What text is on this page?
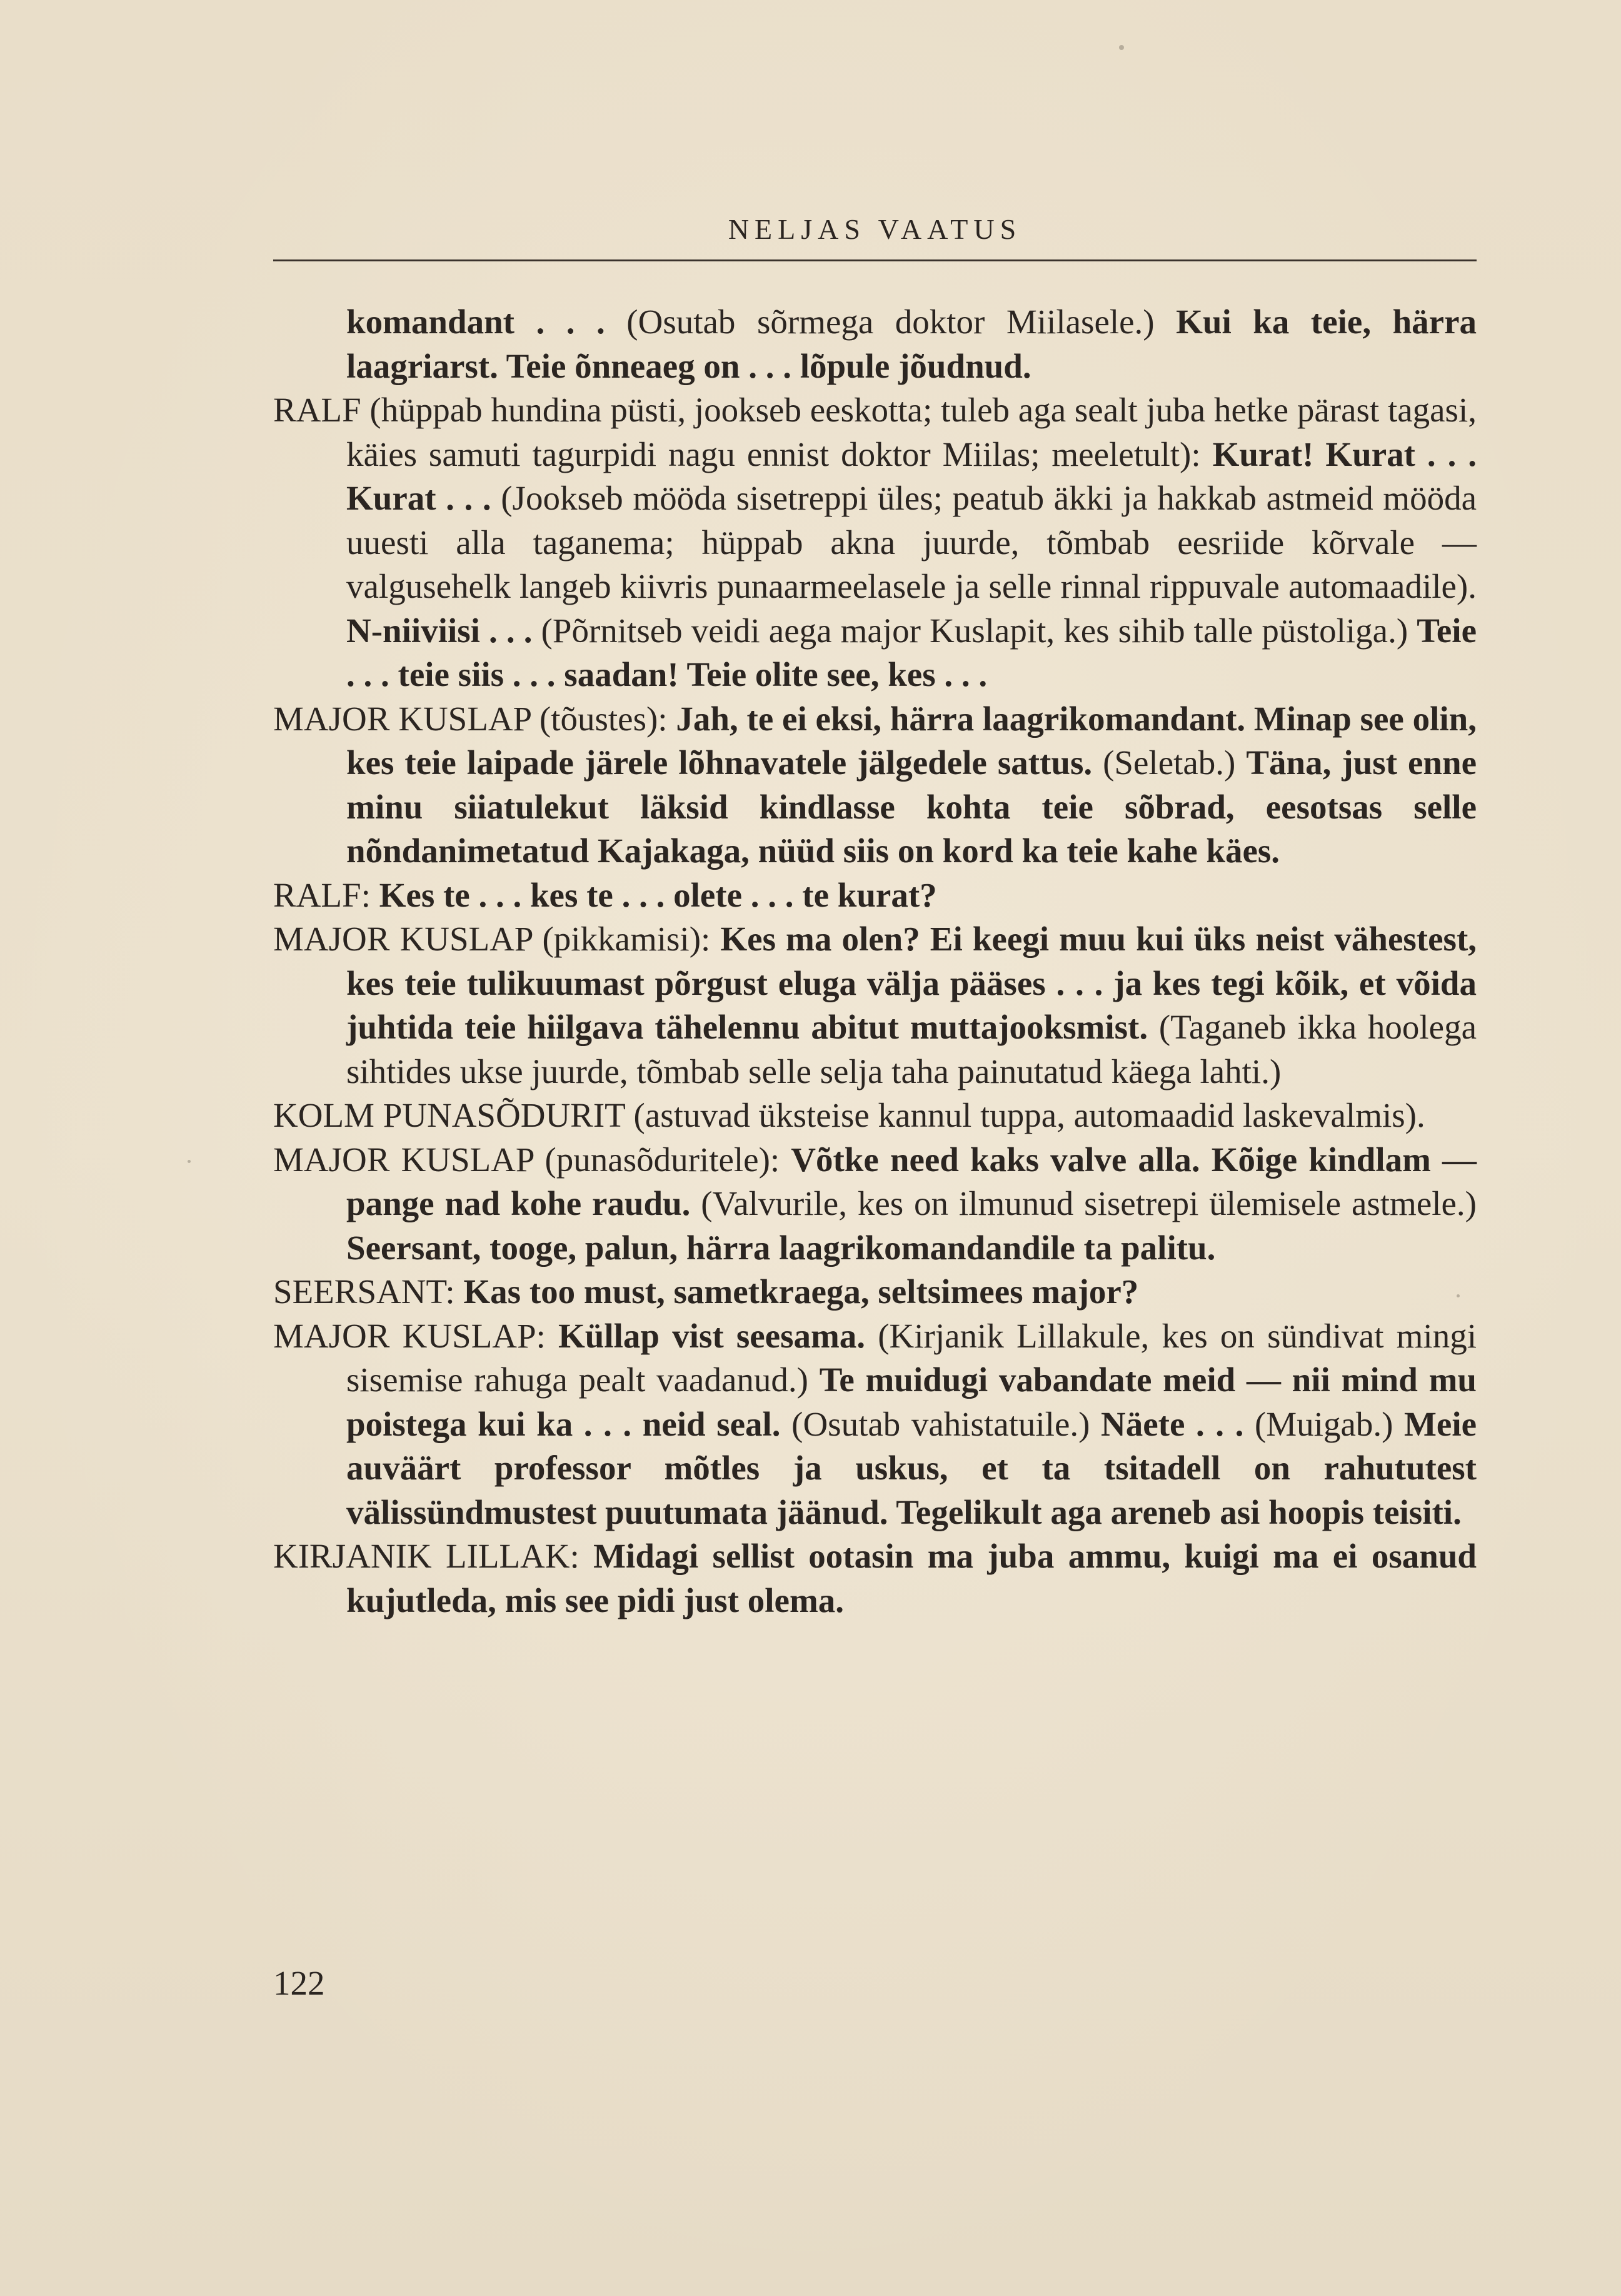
NELJAS VAATUS
komandant . . . (Osutab sõrmega doktor Miilasele.) Kui ka teie, härra laagriarst. Teie õnneaeg on . . . lõpule jõudnud.
RALF (hüppab hundina püsti, jookseb eeskotta; tuleb aga sealt juba hetke pärast tagasi, käies samuti tagurpidi nagu ennist doktor Miilas; meeletult): Kurat! Kurat . . . Kurat . . . (Jookseb mööda sisetreppi üles; peatub äkki ja hakkab astmeid mööda uuesti alla taganema; hüppab akna juurde, tõmbab eesriide kõrvale — valgusehelk langeb kiivris punaarmeelasele ja selle rinnal rippuvale automaadile). N-niiviisi . . . (Põrnitseb veidi aega major Kuslapit, kes sihib talle püstoliga.) Teie . . . teie siis . . . saadan! Teie olite see, kes . . .
MAJOR KUSLAP (tõustes): Jah, te ei eksi, härra laagrikomandant. Minap see olin, kes teie laipade järele lõhnavatele jälgedele sattus. (Seletab.) Täna, just enne minu siiatulekut läksid kindlasse kohta teie sõbrad, eesotsas selle nõndanimetatud Kajakaga, nüüd siis on kord ka teie kahe käes.
RALF: Kes te . . . kes te . . . olete . . . te kurat?
MAJOR KUSLAP (pikkamisi): Kes ma olen? Ei keegi muu kui üks neist vähestest, kes teie tulikuumast põrgust eluga välja pääses . . . ja kes tegi kõik, et võida juhtida teie hiilgava tähelennu abitut muttajooksmist. (Taganeb ikka hoolega sihtides ukse juurde, tõmbab selle selja taha painutatud käega lahti.)
KOLM PUNASÕDURIT (astuvad üksteise kannul tuppa, automaadid laskevalmis).
MAJOR KUSLAP (punasõduritele): Võtke need kaks valve alla. Kõige kindlam — pange nad kohe raudu. (Valvurile, kes on ilmunud sisetrepi ülemisele astmele.) Seersant, tooge, palun, härra laagrikomandandile ta palitu.
SEERSANT: Kas too must, sametkraega, seltsimees major?
MAJOR KUSLAP: Küllap vist seesama. (Kirjanik Lillakule, kes on sündivat mingi sisemise rahuga pealt vaadanud.) Te muidugi vabandate meid — nii mind mu poistega kui ka . . . neid seal. (Osutab vahistatuile.) Näete . . . (Muigab.) Meie auväärt professor mõtles ja uskus, et ta tsitadell on rahututest välissündmustest puutumata jäänud. Tegelikult aga areneb asi hoopis teisiti.
KIRJANIK LILLAK: Midagi sellist ootasin ma juba ammu, kuigi ma ei osanud kujutleda, mis see pidi just olema.
122
